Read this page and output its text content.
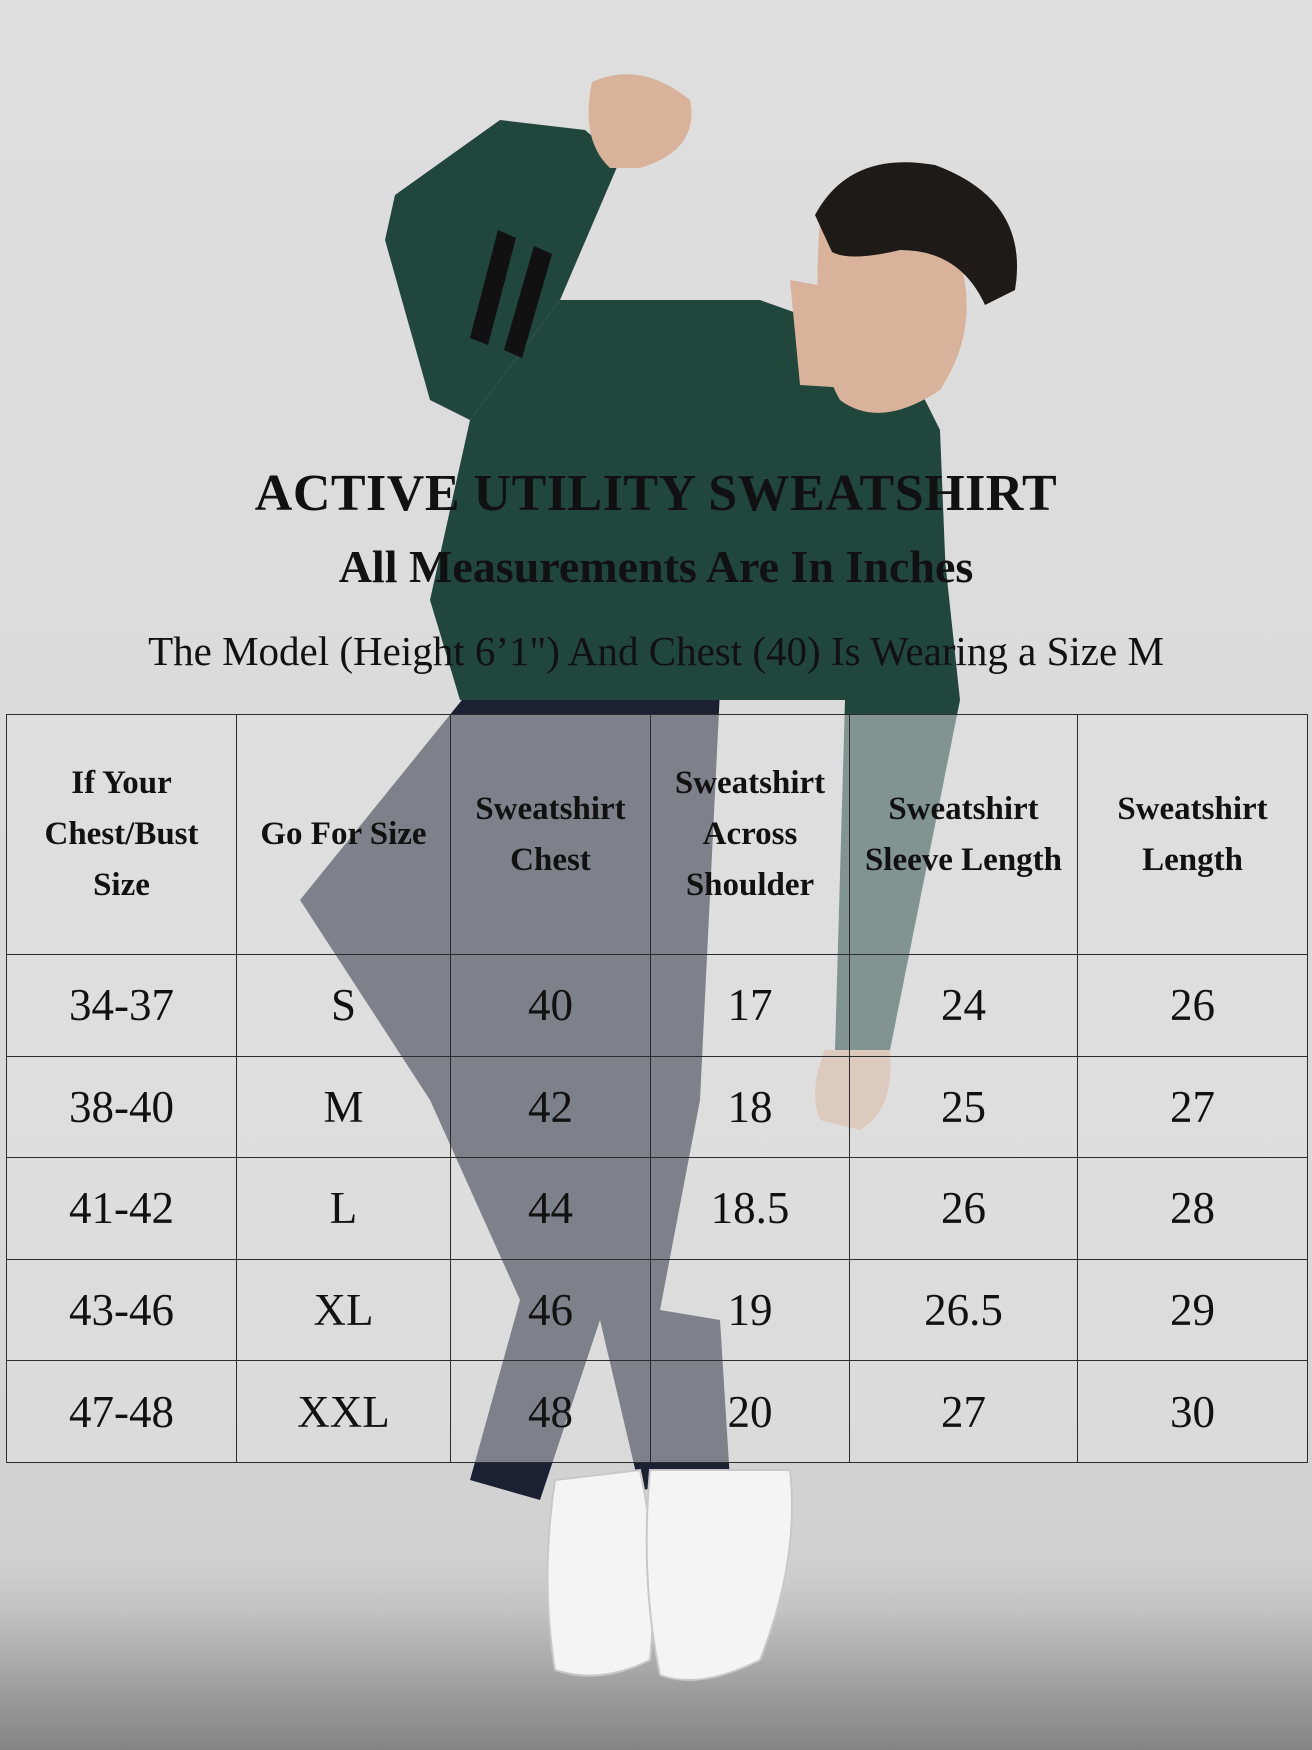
ACTIVE UTILITY SWEATSHIRT
All Measurements Are In Inches
The Model (Height 6’1") And Chest (40) Is Wearing a Size M
If Your Chest/Bust Size	Go For Size	Sweatshirt Chest	Sweatshirt Across Shoulder	Sweatshirt Sleeve Length	Sweatshirt Length
34-37	S	40	17	24	26
38-40	M	42	18	25	27
41-42	L	44	18.5	26	28
43-46	XL	46	19	26.5	29
47-48	XXL	48	20	27	30
